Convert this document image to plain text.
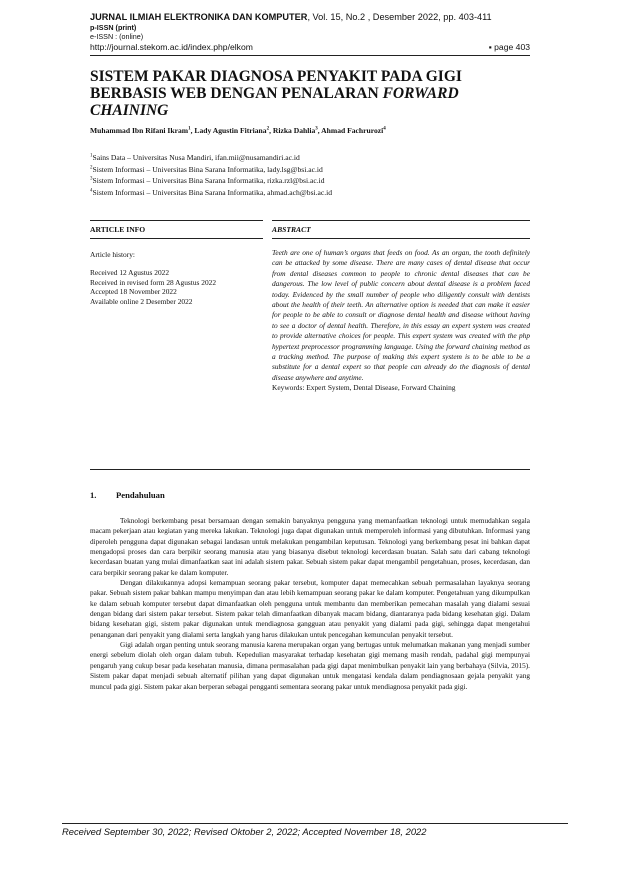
JURNAL ILMIAH ELEKTRONIKA DAN KOMPUTER, Vol. 15, No.2 , Desember 2022, pp. 403-411
p-ISSN (print)
e-ISSN : (online)
http://journal.stekom.ac.id/index.php/elkom	▪ page 403
SISTEM PAKAR DIAGNOSA PENYAKIT PADA GIGI BERBASIS WEB DENGAN PENALARAN FORWARD CHAINING
Muhammad Ibn Rifani Ikram$^1$, Lady Agustin Fitriana$^2$, Rizka Dahlia$^3$, Ahmad Fachrurozi$^4$
$^1$Sains Data – Universitas Nusa Mandiri, ifan.mii@nusamandiri.ac.id
$^2$Sistem Informasi – Universitas Bina Sarana Informatika, lady.lsg@bsi.ac.id
$^3$Sistem Informasi – Universitas Bina Sarana Informatika, rizka.rzl@bsi.ac.id
$^4$Sistem Informasi – Universitas Bina Sarana Informatika, ahmad.ach@bsi.ac.id
ARTICLE INFO
Article history:
Received 12 Agustus 2022
Received in revised form 28 Agustus 2022
Accepted 18 November 2022
Available online 2 Desember 2022
ABSTRACT
Teeth are one of human’s organs that feeds on food. As an organ, the tooth definitely can be attacked by some disease. There are many cases of dental disease that occur from dental diseases common to people to chronic dental diseases that can be dangerous. The low level of public concern about dental disease is a problem faced today. Evidenced by the small number of people who diligently consult with dentists about the health of their teeth. An alternative option is needed that can make it easier for people to be able to consult or diagnose dental health and disease without having to see a doctor of dental health. Therefore, in this essay an expert system was created to provide alternative choices for people. This expert system was created with the php hypertext preprocessor programming language. Using the forward chaining method as a tracking method. The purpose of making this expert system is to be able to be a substitute for a dental expert so that people can already do the diagnosis of dental disease anywhere and anytime.
Keywords: Expert System, Dental Disease, Forward Chaining
1. Pendahuluan

Teknologi berkembang pesat bersamaan dengan semakin banyaknya pengguna yang memanfaatkan teknologi untuk memudahkan segala macam pekerjaan atau kegiatan yang mereka lakukan. Teknologi juga dapat digunakan untuk memperoleh informasi yang dibutuhkan. Informasi yang diperoleh pengguna dapat digunakan sebagai landasan untuk melakukan pengambilan keputusan. Teknologi yang berkembang pesat ini bahkan dapat mengadopsi proses dan cara berpikir seorang manusia atau yang biasanya disebut teknologi kecerdasan buatan. Salah satu dari cabang teknologi kecerdasan buatan yang mulai dimanfaatkan saat ini adalah sistem pakar. Sebuah sistem pakar dapat mengambil pengetahuan, proses, kecerdasan, dan cara berpikir seorang pakar ke dalam komputer.

Dengan dilakukannya adopsi kemampuan seorang pakar tersebut, komputer dapat memecahkan sebuah permasalahan layaknya seorang pakar. Sebuah sistem pakar bahkan mampu menyimpan dan atau lebih kemampuan seorang pakar ke dalam komputer. Pengetahuan yang dikumpulkan ke dalam sebuah komputer tersebut dapat dimanfaatkan oleh pengguna untuk membantu dan memberikan pemecahan masalah yang dialami sesuai dengan bidang dari sistem pakar tersebut. Sistem pakar telah dimanfaatkan dibanyak macam bidang, diantaranya pada bidang kesehatan gigi. Dalam bidang kesehatan gigi, sistem pakar digunakan untuk mendiagnosa gangguan atau penyakit yang dialami pada gigi, sehingga dapat mengetahui penanganan dari penyakit yang dialami serta langkah yang harus dilakukan untuk pencegahan kemunculan penyakit tersebut.

Gigi adalah organ penting untuk seorang manusia karena merupakan organ yang bertugas untuk melumatkan makanan yang menjadi sumber energi sebelum diolah oleh organ dalam tubuh. Kepedulian masyarakat terhadap kesehatan gigi memang masih rendah, padahal gigi mempunyai pengaruh yang cukup besar pada kesehatan manusia, dimana permasalahan pada gigi dapat menimbulkan penyakit lain yang berbahaya (Silvia, 2015). Sistem pakar dapat menjadi sebuah alternatif pilihan yang dapat digunakan untuk mengatasi kendala dalam pendiagnosaan gejala penyakit yang muncul pada gigi. Sistem pakar akan berperan sebagai pengganti sementara seorang pakar untuk mendiagnosa penyakit pada gigi.

Received September 30, 2022; Revised Oktober 2, 2022; Accepted November 18, 2022
